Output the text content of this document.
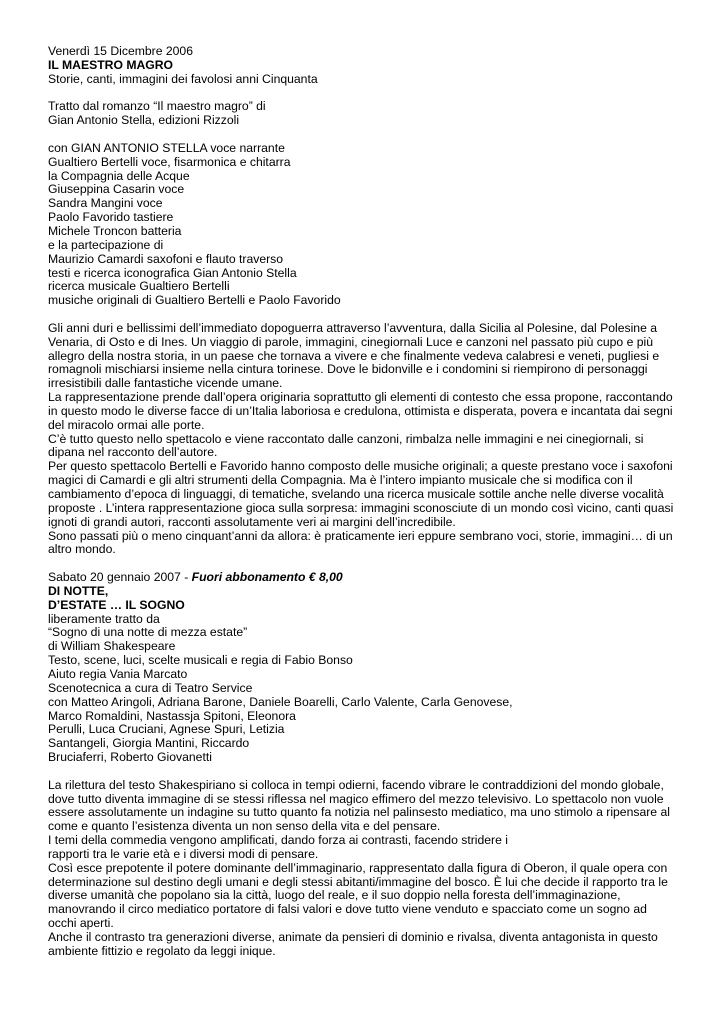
Venerdì 15 Dicembre 2006
IL MAESTRO MAGRO
Storie, canti, immagini dei favolosi anni Cinquanta
Tratto dal romanzo “Il maestro magro” di
Gian Antonio Stella, edizioni Rizzoli
con GIAN ANTONIO STELLA voce narrante
Gualtiero Bertelli voce, fisarmonica e chitarra
la Compagnia delle Acque
Giuseppina Casarin voce
Sandra Mangini voce
Paolo Favorido tastiere
Michele Troncon batteria
e la partecipazione di
Maurizio Camardi saxofoni e flauto traverso
testi e ricerca iconografica Gian Antonio Stella
ricerca musicale Gualtiero Bertelli
musiche originali di Gualtiero Bertelli e Paolo Favorido
Gli anni duri e bellissimi dell’immediato dopoguerra attraverso l’avventura, dalla Sicilia al Polesine, dal Polesine a
Venaria, di Osto e di Ines. Un viaggio di parole, immagini, cinegiornali Luce e canzoni nel passato più cupo e più
allegro della nostra storia, in un paese che tornava a vivere e che finalmente vedeva calabresi e veneti, pugliesi e
romagnoli mischiarsi insieme nella cintura torinese. Dove le bidonville e i condomini si riempirono di personaggi
irresistibili dalle fantastiche vicende umane.
La rappresentazione prende dall’opera originaria soprattutto gli elementi di contesto che essa propone, raccontando
in questo modo le diverse facce di un’Italia laboriosa e credulona, ottimista e disperata, povera e incantata dai segni
del miracolo ormai alle porte.
C’è tutto questo nello spettacolo e viene raccontato dalle canzoni, rimbalza nelle immagini e nei cinegiornali, si
dipana nel racconto dell’autore.
Per questo spettacolo Bertelli e Favorido hanno composto delle musiche originali; a queste prestano voce i saxofoni
magici di Camardi e gli altri strumenti della Compagnia. Ma è l’intero impianto musicale che si modifica con il
cambiamento d’epoca di linguaggi, di tematiche, svelando una ricerca musicale sottile anche nelle diverse vocalità
proposte . L’intera rappresentazione gioca sulla sorpresa: immagini sconosciute di un mondo così vicino, canti quasi
ignoti di grandi autori, racconti assolutamente veri ai margini dell’incredibile.
Sono passati più o meno cinquant’anni da allora: è praticamente ieri eppure sembrano voci, storie, immagini… di un
altro mondo.
Sabato 20 gennaio 2007 - Fuori abbonamento € 8,00
DI NOTTE,
D’ESTATE … IL SOGNO
liberamente tratto da
“Sogno di una notte di mezza estate”
di William Shakespeare
Testo, scene, luci, scelte musicali e regia di Fabio Bonso
Aiuto regia Vania Marcato
Scenotecnica a cura di Teatro Service
con Matteo Aringoli, Adriana Barone, Daniele Boarelli, Carlo Valente, Carla Genovese,
Marco Romaldini, Nastassja Spitoni, Eleonora
Perulli, Luca Cruciani, Agnese Spuri, Letizia
Santangeli, Giorgia Mantini, Riccardo
Bruciaferri, Roberto Giovanetti
La rilettura del testo Shakespiriano si colloca in tempi odierni, facendo vibrare le contraddizioni del mondo globale,
dove tutto diventa immagine di se stessi riflessa nel magico effimero del mezzo televisivo. Lo spettacolo non vuole
essere assolutamente un indagine su tutto quanto fa notizia nel palinsesto mediatico, ma uno stimolo a ripensare al
come e quanto l’esistenza diventa un non senso della vita e del pensare.
I temi della commedia vengono amplificati, dando forza ai contrasti, facendo stridere i
rapporti tra le varie età e i diversi modi di pensare.
Così esce prepotente il potere dominante dell’immaginario, rappresentato dalla figura di Oberon, il quale opera con
determinazione sul destino degli umani e degli stessi abitanti/immagine del bosco. È lui che decide il rapporto tra le
diverse umanità che popolano sia la città, luogo del reale, e il suo doppio nella foresta dell’immaginazione,
manovrando il circo mediatico portatore di falsi valori e dove tutto viene venduto e spacciato come un sogno ad
occhi aperti.
Anche il contrasto tra generazioni diverse, animate da pensieri di dominio e rivalsa, diventa antagonista in questo
ambiente fittizio e regolato da leggi inique.
